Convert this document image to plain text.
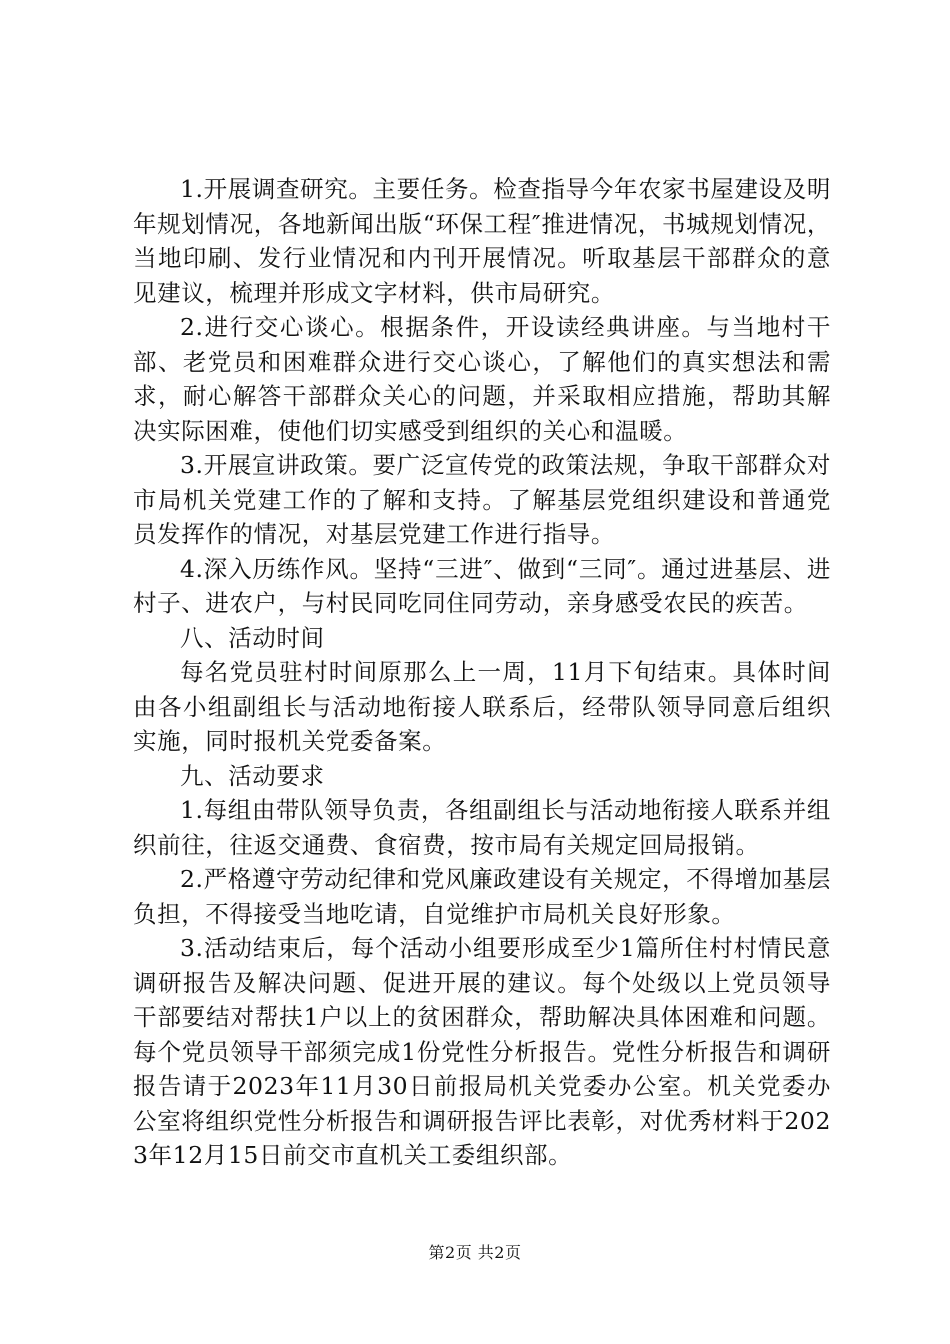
1.开展调查研究。主要任务。检查指导今年农家书屋建设及明年规划情况，各地新闻出版“环保工程″推进情况，书城规划情况，当地印刷、发行业情况和内刊开展情况。听取基层干部群众的意见建议，梳理并形成文字材料，供市局研究。

2.进行交心谈心。根据条件，开设读经典讲座。与当地村干部、老党员和困难群众进行交心谈心，了解他们的真实想法和需求，耐心解答干部群众关心的问题，并采取相应措施，帮助其解决实际困难，使他们切实感受到组织的关心和温暖。

3.开展宣讲政策。要广泛宣传党的政策法规，争取干部群众对市局机关党建工作的了解和支持。了解基层党组织建设和普通党员发挥作的情况，对基层党建工作进行指导。

4.深入历练作风。坚持“三进″、做到“三同″。通过进基层、进村子、进农户，与村民同吃同住同劳动，亲身感受农民的疾苦。

八、活动时间

每名党员驻村时间原那么上一周，11月下旬结束。具体时间由各小组副组长与活动地衔接人联系后，经带队领导同意后组织实施，同时报机关党委备案。

九、活动要求

1.每组由带队领导负责，各组副组长与活动地衔接人联系并组织前往，往返交通费、食宿费，按市局有关规定回局报销。

2.严格遵守劳动纪律和党风廉政建设有关规定，不得增加基层负担，不得接受当地吃请，自觉维护市局机关良好形象。

3.活动结束后，每个活动小组要形成至少1篇所住村村情民意调研报告及解决问题、促进开展的建议。每个处级以上党员领导干部要结对帮扶1户以上的贫困群众，帮助解决具体困难和问题。每个党员领导干部须完成1份党性分析报告。党性分析报告和调研报告请于2023年11月30日前报局机关党委办公室。机关党委办公室将组织党性分析报告和调研报告评比表彰，对优秀材料于2023年12月15日前交市直机关工委组织部。

第2页 共2页
